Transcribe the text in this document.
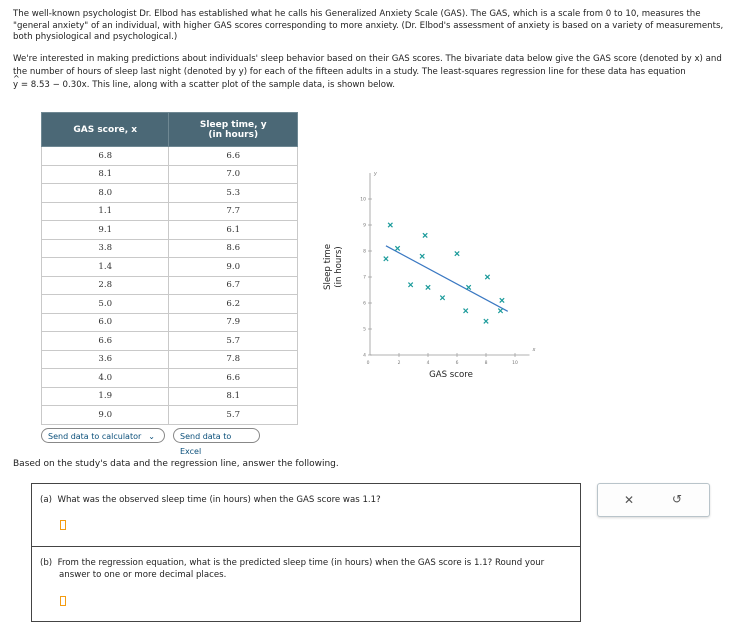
The well-known psychologist Dr. Elbod has established what he calls his Generalized Anxiety Scale (GAS). The GAS, which is a scale from 0 to 10, measures the "general anxiety" of an individual, with higher GAS scores corresponding to more anxiety. (Dr. Elbod's assessment of anxiety is based on a variety of measurements, both physiological and psychological.)

We're interested in making predictions about individuals' sleep behavior based on their GAS scores. The bivariate data below give the GAS score (denoted by x) and the number of hours of sleep last night (denoted by y) for each of the fifteen adults in a study. The least-squares regression line for these data has equation ^ y = 8.53 − 0.30x. This line, along with a scatter plot of the sample data, is shown below.

GAS score, x	Sleep time, y
(in hours)
6.8	6.6
8.1	7.0
8.0	5.3
1.1	7.7
9.1	6.1
3.8	8.6
1.4	9.0
2.8	6.7
5.0	6.2
6.0	7.9
6.6	5.7
3.6	7.8
4.0	6.6
1.9	8.1
9.0	5.7
Send data to calculator ⌄	Send data to Excel
2	4	6	8	10
4
5
6
7
8
9
10
0
x
y
Sleep time (in hours)
GAS score
Based on the study's data and the regression line, answer the following.
(a) What was the observed sleep time (in hours) when the GAS score was 1.1?
(b) From the regression equation, what is the predicted sleep time (in hours) when the GAS score is 1.1? Round your
answer to one or more decimal places.
✕	↺
